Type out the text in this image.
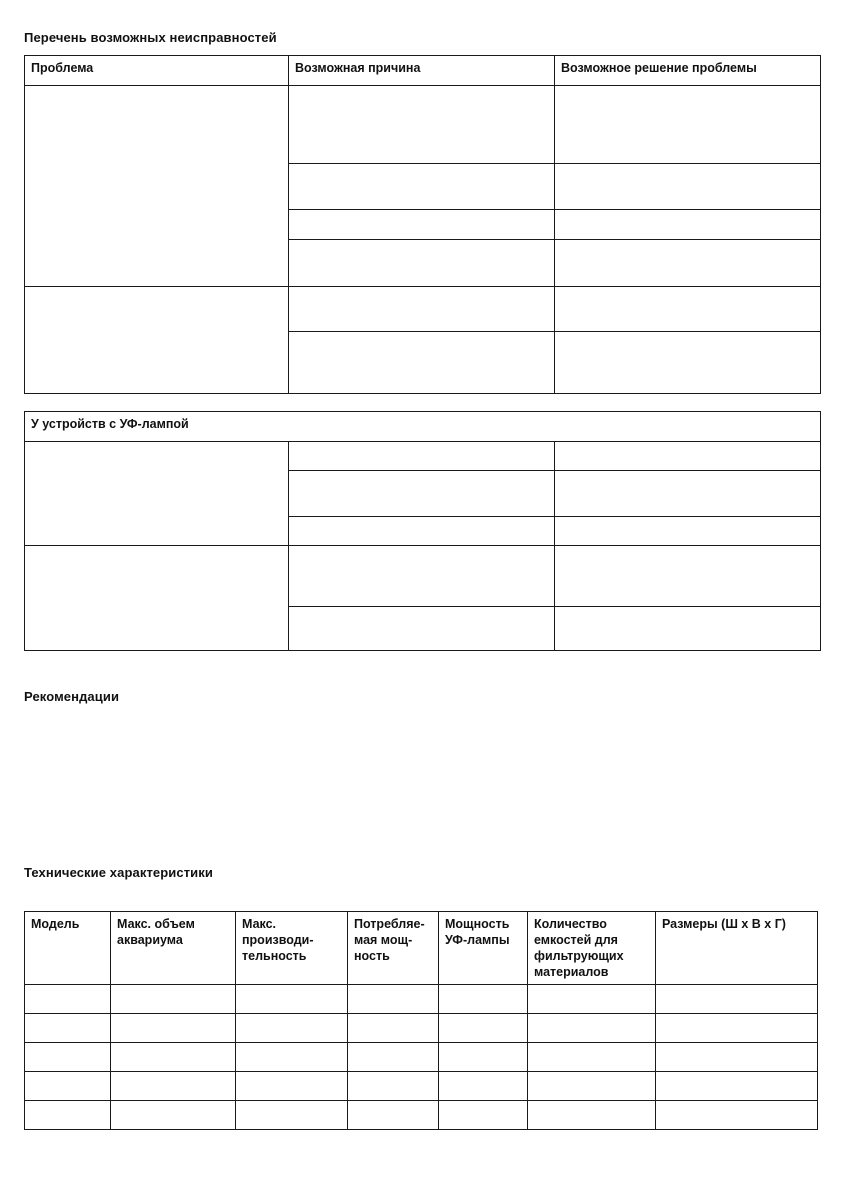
Перечень возможных неисправностей
Проблема	Возможная причина	Возможное решение проблемы

У устройств с УФ-лампой		

Рекомендации
Технические характеристики
Модель	Макс. объем аквариума	Макс. производи-тельность	Потребляе-мая мощ-ность	Мощность УФ-лампы	Количество емкостей для фильтрующих материалов	Размеры (Ш х В х Г)
